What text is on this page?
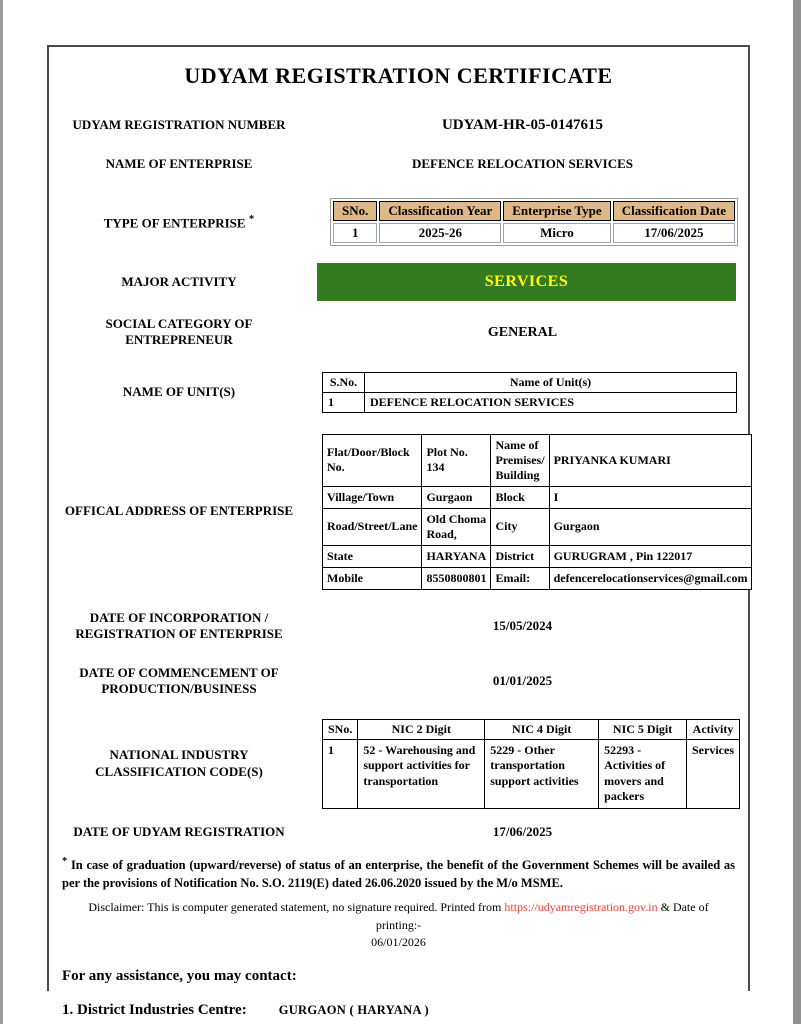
UDYAM REGISTRATION CERTIFICATE
UDYAM REGISTRATION NUMBER	UDYAM-HR-05-0147615
NAME OF ENTERPRISE	DEFENCE RELOCATION SERVICES
TYPE OF ENTERPRISE *
SNo.	Classification Year	Enterprise Type	Classification Date
1	2025-26	Micro	17/06/2025
MAJOR ACTIVITY	SERVICES
SOCIAL CATEGORY OF ENTREPRENEUR	GENERAL
NAME OF UNIT(S)
S.No.	Name of Unit(s)
1	DEFENCE RELOCATION SERVICES
OFFICAL ADDRESS OF ENTERPRISE
Flat/Door/Block No.	Plot No. 134	Name of Premises/ Building	PRIYANKA KUMARI
Village/Town	Gurgaon	Block	I
Road/Street/Lane	Old Choma Road,	City	Gurgaon
State	HARYANA	District	GURUGRAM , Pin 122017
Mobile	8550800801	Email:	defencerelocationservices@gmail.com
DATE OF INCORPORATION / REGISTRATION OF ENTERPRISE
15/05/2024
DATE OF COMMENCEMENT OF PRODUCTION/BUSINESS
01/01/2025
NATIONAL INDUSTRY CLASSIFICATION CODE(S)
SNo.	NIC 2 Digit	NIC 4 Digit	NIC 5 Digit	Activity
1	52 - Warehousing and support activities for transportation	5229 - Other transportation support activities	52293 - Activities of movers and packers	Services
DATE OF UDYAM REGISTRATION	17/06/2025

* In case of graduation (upward/reverse) of status of an enterprise, the benefit of the Government Schemes will be availed as per the provisions of Notification No. S.O. 2119(E) dated 26.06.2020 issued by the M/o MSME.

Disclaimer: This is computer generated statement, no signature required. Printed from https://udyamregistration.gov.in & Date of printing:-
06/01/2026

For any assistance, you may contact:

1. District Industries Centre:	GURGAON ( HARYANA )
